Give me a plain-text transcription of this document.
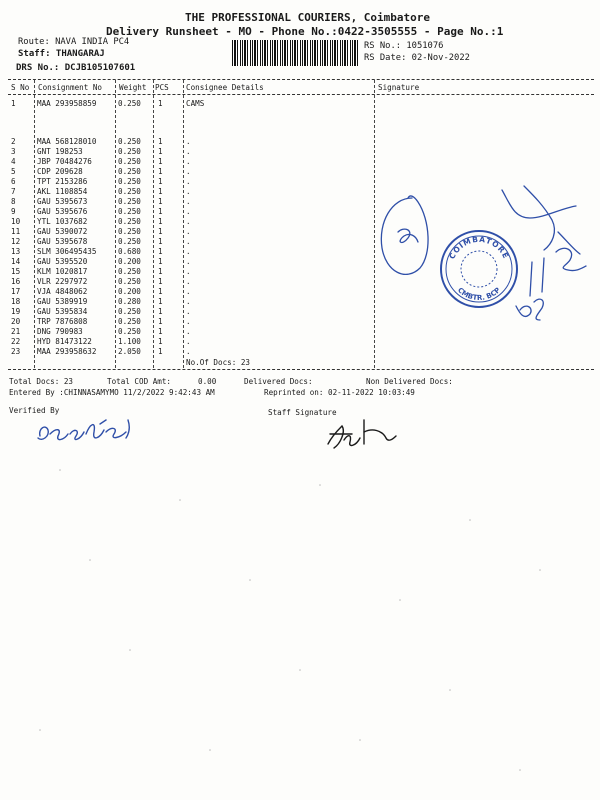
THE PROFESSIONAL COURIERS, Coimbatore
Delivery Runsheet - MO - Phone No.:0422-3505555 - Page No.:1
Route: NAVA INDIA PC4
Staff: THANGARAJ
DRS No.: DCJB105107601
RS No.: 1051076
RS Date: 02-Nov-2022
S No Consignment No Weight PCS Consignee Details	Signature
1	MAA 293958859	0.250 1	CAMS
2	MAA 568128010	0.250 1	.
3	GNT 198253	0.250 1	.
4	JBP 70484276	0.250 1	.
5	CDP 209628	0.250 1	.
6	TPT 2153286	0.250 1	.
7	AKL 1108854	0.250 1	.
8	GAU 5395673	0.250 1	.
9	GAU 5395676	0.250 1	.
10 YTL 1037682	0.250 1	.
11 GAU 5390072	0.250 1	.
12 GAU 5395678	0.250 1	.
13 SLM 306495435	0.680 1	.
14 GAU 5395520	0.200 1	.
15 KLM 1020817	0.250 1	.
16 VLR 2297972	0.250 1	.
17 VJA 4848062	0.200 1	.
18 GAU 5389919	0.280 1	.
19 GAU 5395834	0.250 1	.
20 TRP 7876808	0.250 1	.
21 DNG 790983	0.250 1	.
22 HYD 81473122	1.100 1	.
23 MAA 293958632	2.050 1	.
No.Of Docs: 23
Total Docs: 23	Total COD Amt:	0.00	Delivered Docs:	Non Delivered Docs:
Entered By :CHINNASAMYMO 11/2/2022 9:42:43 AM	Reprinted on: 02-11-2022 10:03:49
Verified By	Staff Signature
COIMBATORE
CMBTR. BCP
